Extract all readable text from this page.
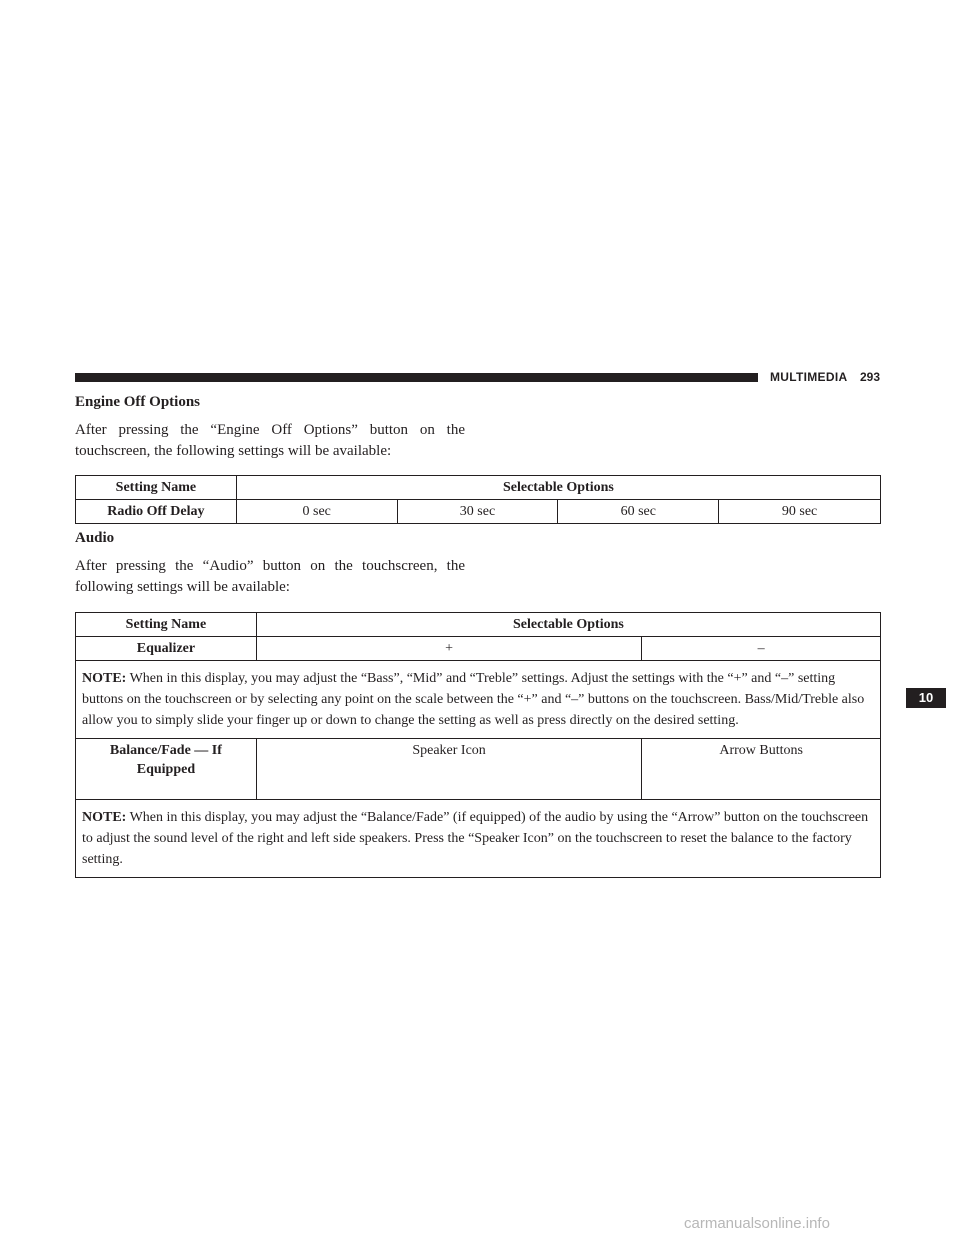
MULTIMEDIA 293
Engine Off Options
After pressing the “Engine Off Options” button on the touchscreen, the following settings will be available:
Setting Name	Selectable Options			
Radio Off Delay	0 sec	30 sec	60 sec	90 sec
Audio
After pressing the “Audio” button on the touchscreen, the following settings will be available:
Setting Name	Selectable Options	
Equalizer	+	–
NOTE: When in this display, you may adjust the “Bass”, “Mid” and “Treble” settings. Adjust the settings with the “+” and “–” setting buttons on the touchscreen or by selecting any point on the scale between the “+” and “–” buttons on the touchscreen. Bass/Mid/Treble also allow you to simply slide your finger up or down to change the setting as well as press directly on the desired setting.		
Balance/Fade — If Equipped	Speaker Icon	Arrow Buttons
NOTE: When in this display, you may adjust the “Balance/Fade” (if equipped) of the audio by using the “Arrow” button on the touchscreen to adjust the sound level of the right and left side speakers. Press the “Speaker Icon” on the touchscreen to reset the balance to the factory setting.		
10
carmanualsonline.info
